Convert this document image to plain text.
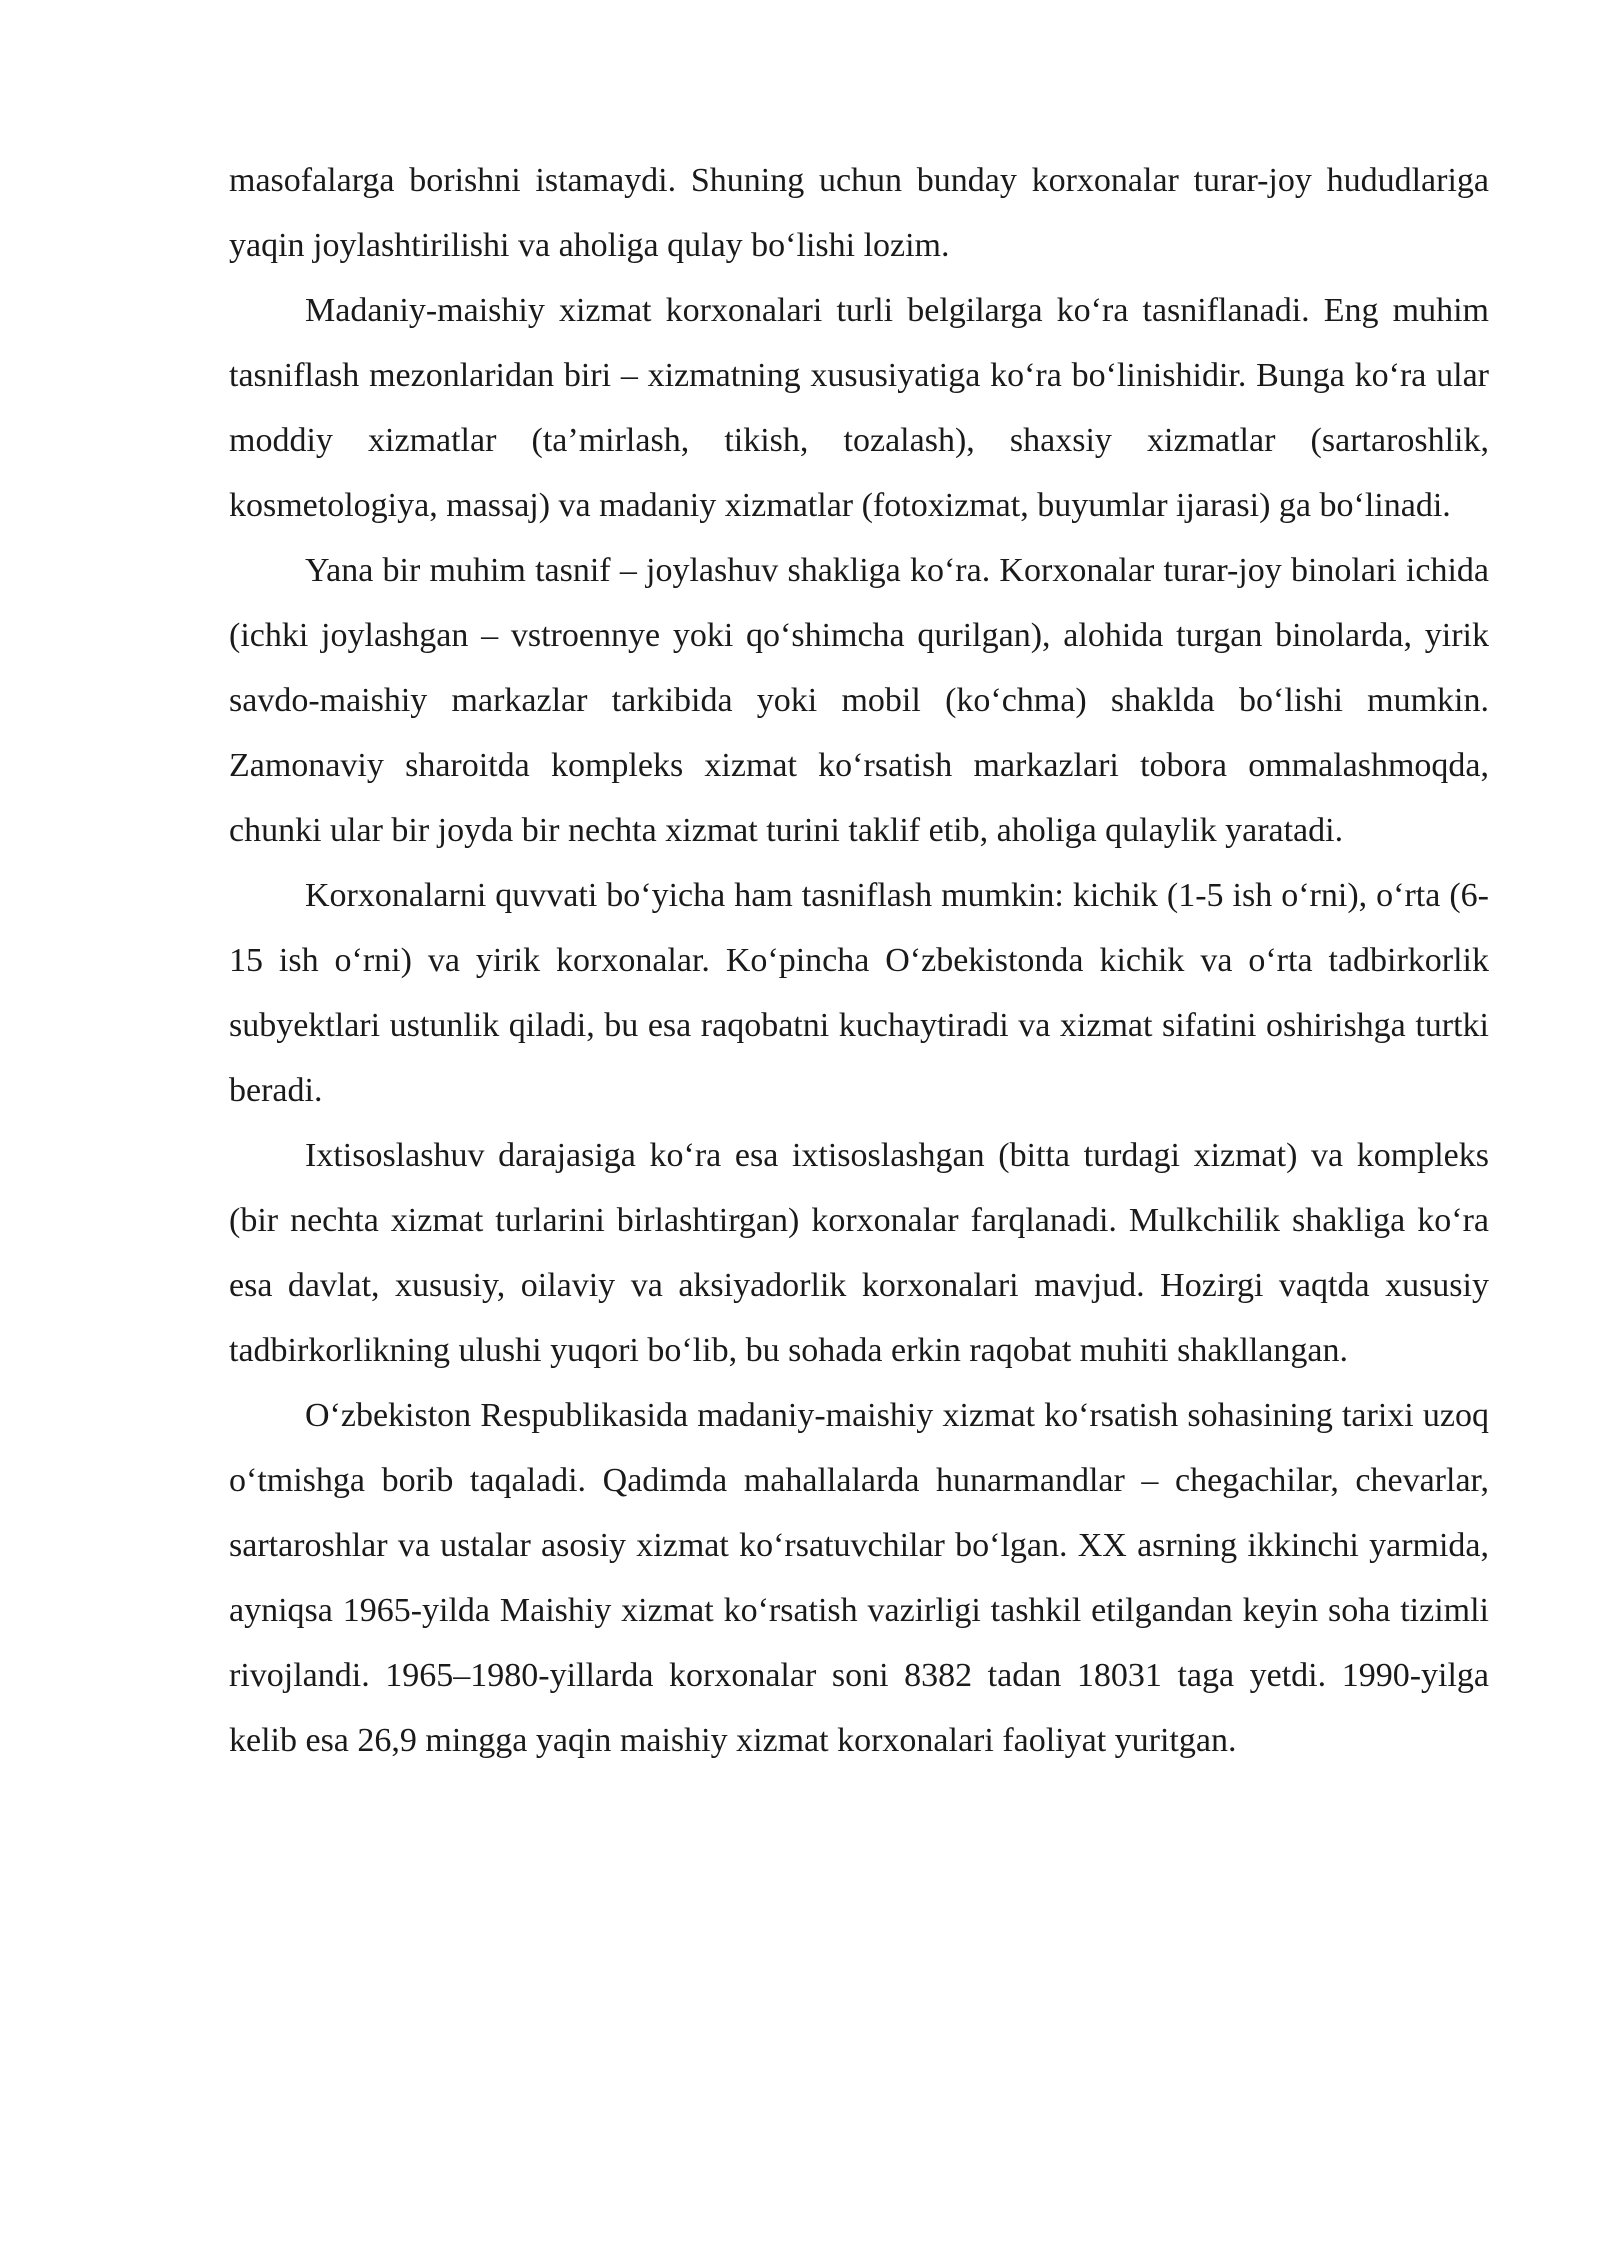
masofalarga borishni istamaydi. Shuning uchun bunday korxonalar turar-joy hududlariga yaqin joylashtirilishi va aholiga qulay bo‘lishi lozim.

Madaniy-maishiy xizmat korxonalari turli belgilarga ko‘ra tasniflanadi. Eng muhim tasniflash mezonlaridan biri – xizmatning xususiyatiga ko‘ra bo‘linishidir. Bunga ko‘ra ular moddiy xizmatlar (ta’mirlash, tikish, tozalash), shaxsiy xizmatlar (sartaroshlik, kosmetologiya, massaj) va madaniy xizmatlar (fotoxizmat, buyumlar ijarasi) ga bo‘linadi.

Yana bir muhim tasnif – joylashuv shakliga ko‘ra. Korxonalar turar-joy binolari ichida (ichki joylashgan – vstroennye yoki qo‘shimcha qurilgan), alohida turgan binolarda, yirik savdo-maishiy markazlar tarkibida yoki mobil (ko‘chma) shaklda bo‘lishi mumkin. Zamonaviy sharoitda kompleks xizmat ko‘rsatish markazlari tobora ommalashmoqda, chunki ular bir joyda bir nechta xizmat turini taklif etib, aholiga qulaylik yaratadi.

Korxonalarni quvvati bo‘yicha ham tasniflash mumkin: kichik (1-5 ish o‘rni), o‘rta (6-15 ish o‘rni) va yirik korxonalar. Ko‘pincha O‘zbekistonda kichik va o‘rta tadbirkorlik subyektlari ustunlik qiladi, bu esa raqobatni kuchaytiradi va xizmat sifatini oshirishga turtki beradi.

Ixtisoslashuv darajasiga ko‘ra esa ixtisoslashgan (bitta turdagi xizmat) va kompleks (bir nechta xizmat turlarini birlashtirgan) korxonalar farqlanadi. Mulkchilik shakliga ko‘ra esa davlat, xususiy, oilaviy va aksiyadorlik korxonalari mavjud. Hozirgi vaqtda xususiy tadbirkorlikning ulushi yuqori bo‘lib, bu sohada erkin raqobat muhiti shakllangan.

O‘zbekiston Respublikasida madaniy-maishiy xizmat ko‘rsatish sohasining tarixi uzoq o‘tmishga borib taqaladi. Qadimda mahallalarda hunarmandlar – chegachilar, chevarlar, sartaroshlar va ustalar asosiy xizmat ko‘rsatuvchilar bo‘lgan. XX asrning ikkinchi yarmida, ayniqsa 1965-yilda Maishiy xizmat ko‘rsatish vazirligi tashkil etilgandan keyin soha tizimli rivojlandi. 1965–1980-yillarda korxonalar soni 8382 tadan 18031 taga yetdi. 1990-yilga kelib esa 26,9 mingga yaqin maishiy xizmat korxonalari faoliyat yuritgan.
